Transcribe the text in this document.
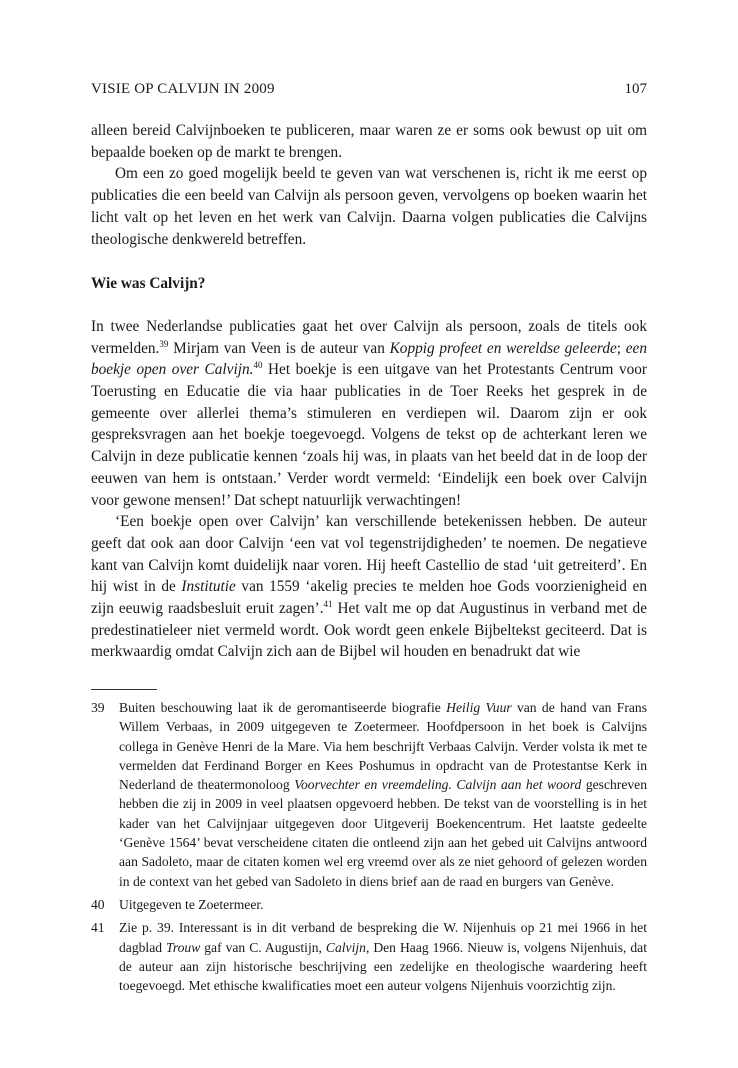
VISIE OP CALVIJN IN 2009	107

alleen bereid Calvijnboeken te publiceren, maar waren ze er soms ook bewust op uit om bepaalde boeken op de markt te brengen.

Om een zo goed mogelijk beeld te geven van wat verschenen is, richt ik me eerst op publicaties die een beeld van Calvijn als persoon geven, vervolgens op boeken waarin het licht valt op het leven en het werk van Calvijn. Daarna volgen publicaties die Calvijns theologische denkwereld betreffen.

Wie was Calvijn?

In twee Nederlandse publicaties gaat het over Calvijn als persoon, zoals de titels ook vermelden.$^{39}$ Mirjam van Veen is de auteur van Koppig profeet en wereldse geleerde; een boekje open over Calvijn.$^{40}$ Het boekje is een uitgave van het Protestants Centrum voor Toerusting en Educatie die via haar publicaties in de Toer Reeks het gesprek in de gemeente over allerlei thema’s stimuleren en verdiepen wil. Daarom zijn er ook gespreksvragen aan het boekje toegevoegd. Volgens de tekst op de achterkant leren we Calvijn in deze publicatie kennen ‘zoals hij was, in plaats van het beeld dat in de loop der eeuwen van hem is ontstaan.’ Verder wordt vermeld: ‘Eindelijk een boek over Calvijn voor gewone mensen!’ Dat schept natuurlijk verwachtingen!

‘Een boekje open over Calvijn’ kan verschillende betekenissen hebben. De auteur geeft dat ook aan door Calvijn ‘een vat vol tegenstrijdigheden’ te noemen. De negatieve kant van Calvijn komt duidelijk naar voren. Hij heeft Castellio de stad ‘uit getreiterd’. En hij wist in de Institutie van 1559 ‘akelig precies te melden hoe Gods voorzienigheid en zijn eeuwig raadsbesluit eruit zagen’.$^{41}$ Het valt me op dat Augustinus in verband met de predestinatieleer niet vermeld wordt. Ook wordt geen enkele Bijbeltekst geciteerd. Dat is merkwaardig omdat Calvijn zich aan de Bijbel wil houden en benadrukt dat wie

39 Buiten beschouwing laat ik de geromantiseerde biografie Heilig Vuur van de hand van Frans Willem Verbaas, in 2009 uitgegeven te Zoetermeer. Hoofdpersoon in het boek is Calvijns collega in Genève Henri de la Mare. Via hem beschrijft Verbaas Calvijn. Verder volsta ik met te vermelden dat Ferdinand Borger en Kees Poshumus in opdracht van de Protestantse Kerk in Nederland de theatermonoloog Voorvechter en vreemdeling. Calvijn aan het woord geschreven hebben die zij in 2009 in veel plaatsen opgevoerd hebben. De tekst van de voorstelling is in het kader van het Calvijnjaar uitgegeven door Uitgeverij Boekencentrum. Het laatste gedeelte ‘Genève 1564’ bevat verscheidene citaten die ontleend zijn aan het gebed uit Calvijns antwoord aan Sadoleto, maar de citaten komen wel erg vreemd over als ze niet gehoord of gelezen worden in de context van het gebed van Sadoleto in diens brief aan de raad en burgers van Genève.
40 Uitgegeven te Zoetermeer.
41 Zie p. 39. Interessant is in dit verband de bespreking die W. Nijenhuis op 21 mei 1966 in het dagblad Trouw gaf van C. Augustijn, Calvijn, Den Haag 1966. Nieuw is, volgens Nijenhuis, dat de auteur aan zijn historische beschrijving een zedelijke en theologische waardering heeft toegevoegd. Met ethische kwalificaties moet een auteur volgens Nijenhuis voorzichtig zijn.
